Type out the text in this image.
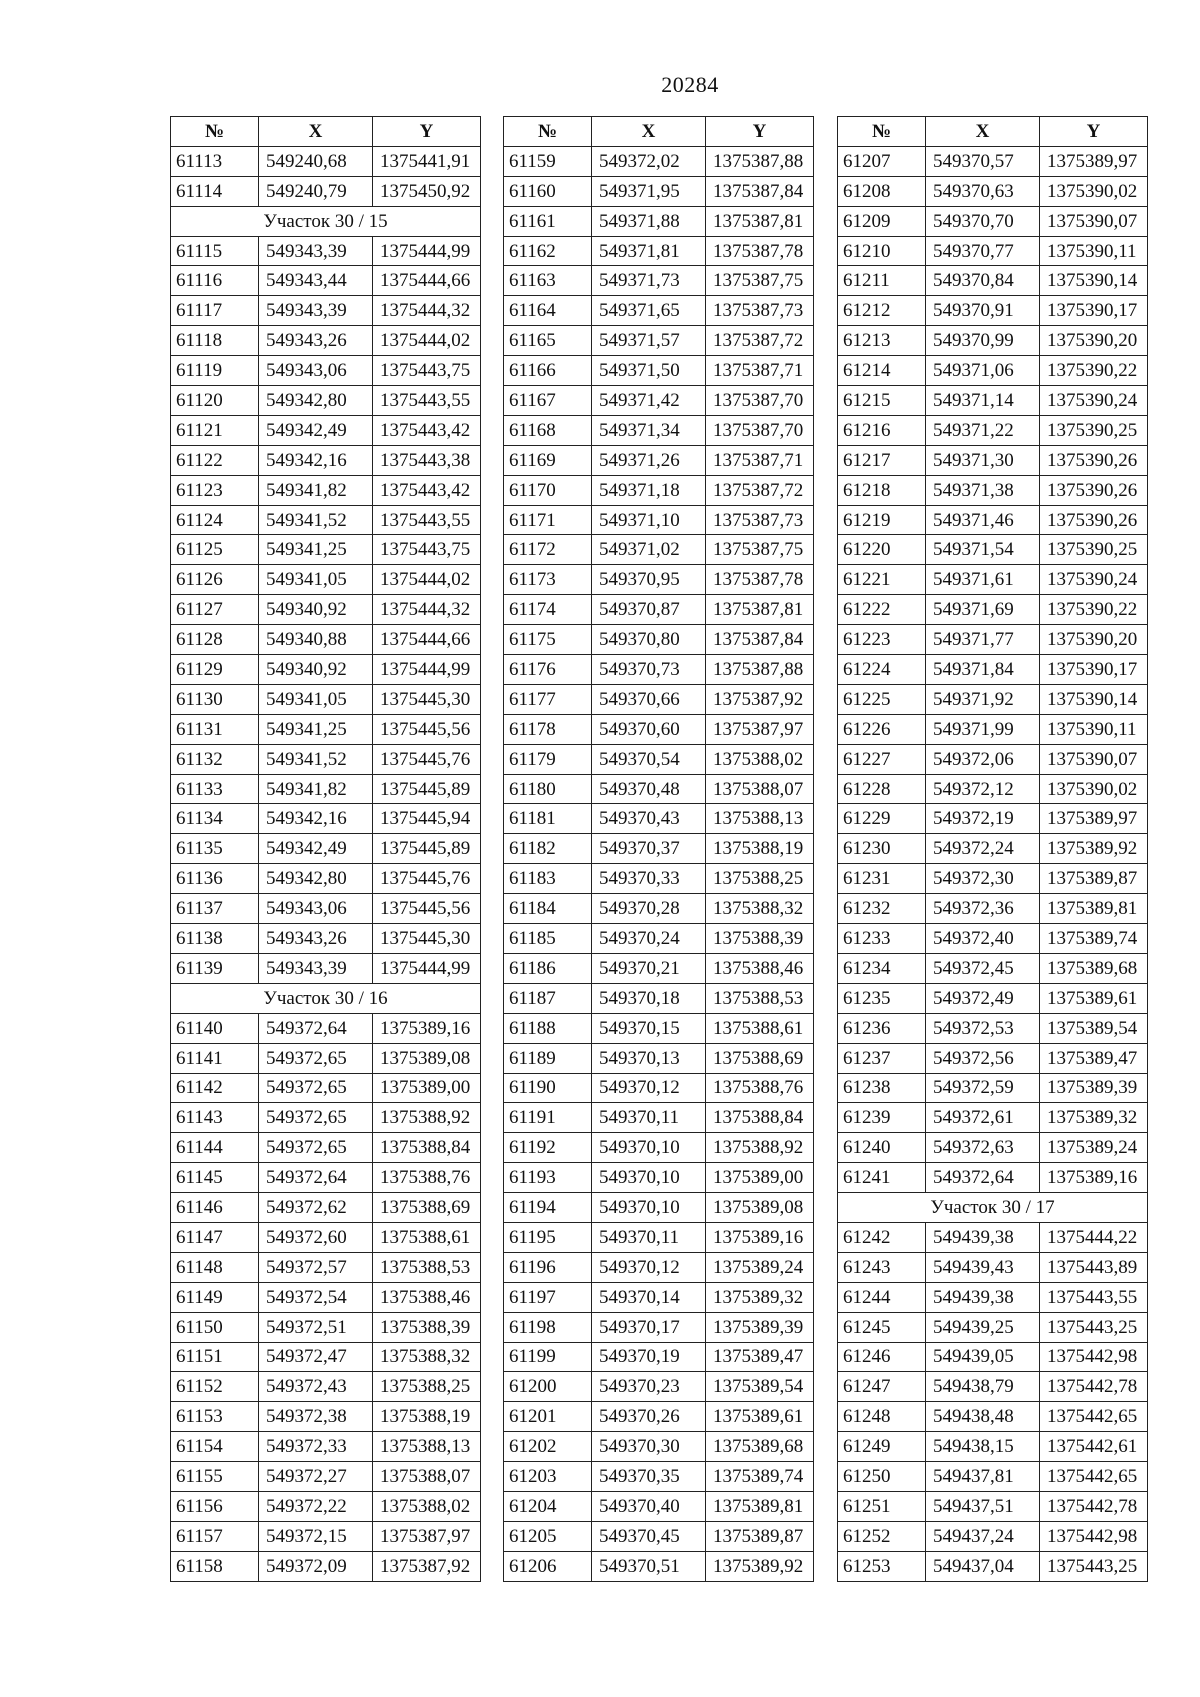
20284
№	X	Y
61113	549240,68	1375441,91
61114	549240,79	1375450,92
Участок 30 / 15		
61115	549343,39	1375444,99
61116	549343,44	1375444,66
61117	549343,39	1375444,32
61118	549343,26	1375444,02
61119	549343,06	1375443,75
61120	549342,80	1375443,55
61121	549342,49	1375443,42
61122	549342,16	1375443,38
61123	549341,82	1375443,42
61124	549341,52	1375443,55
61125	549341,25	1375443,75
61126	549341,05	1375444,02
61127	549340,92	1375444,32
61128	549340,88	1375444,66
61129	549340,92	1375444,99
61130	549341,05	1375445,30
61131	549341,25	1375445,56
61132	549341,52	1375445,76
61133	549341,82	1375445,89
61134	549342,16	1375445,94
61135	549342,49	1375445,89
61136	549342,80	1375445,76
61137	549343,06	1375445,56
61138	549343,26	1375445,30
61139	549343,39	1375444,99
Участок 30 / 16		
61140	549372,64	1375389,16
61141	549372,65	1375389,08
61142	549372,65	1375389,00
61143	549372,65	1375388,92
61144	549372,65	1375388,84
61145	549372,64	1375388,76
61146	549372,62	1375388,69
61147	549372,60	1375388,61
61148	549372,57	1375388,53
61149	549372,54	1375388,46
61150	549372,51	1375388,39
61151	549372,47	1375388,32
61152	549372,43	1375388,25
61153	549372,38	1375388,19
61154	549372,33	1375388,13
61155	549372,27	1375388,07
61156	549372,22	1375388,02
61157	549372,15	1375387,97
61158	549372,09	1375387,92
№	X	Y
61159	549372,02	1375387,88
61160	549371,95	1375387,84
61161	549371,88	1375387,81
61162	549371,81	1375387,78
61163	549371,73	1375387,75
61164	549371,65	1375387,73
61165	549371,57	1375387,72
61166	549371,50	1375387,71
61167	549371,42	1375387,70
61168	549371,34	1375387,70
61169	549371,26	1375387,71
61170	549371,18	1375387,72
61171	549371,10	1375387,73
61172	549371,02	1375387,75
61173	549370,95	1375387,78
61174	549370,87	1375387,81
61175	549370,80	1375387,84
61176	549370,73	1375387,88
61177	549370,66	1375387,92
61178	549370,60	1375387,97
61179	549370,54	1375388,02
61180	549370,48	1375388,07
61181	549370,43	1375388,13
61182	549370,37	1375388,19
61183	549370,33	1375388,25
61184	549370,28	1375388,32
61185	549370,24	1375388,39
61186	549370,21	1375388,46
61187	549370,18	1375388,53
61188	549370,15	1375388,61
61189	549370,13	1375388,69
61190	549370,12	1375388,76
61191	549370,11	1375388,84
61192	549370,10	1375388,92
61193	549370,10	1375389,00
61194	549370,10	1375389,08
61195	549370,11	1375389,16
61196	549370,12	1375389,24
61197	549370,14	1375389,32
61198	549370,17	1375389,39
61199	549370,19	1375389,47
61200	549370,23	1375389,54
61201	549370,26	1375389,61
61202	549370,30	1375389,68
61203	549370,35	1375389,74
61204	549370,40	1375389,81
61205	549370,45	1375389,87
61206	549370,51	1375389,92
№	X	Y
61207	549370,57	1375389,97
61208	549370,63	1375390,02
61209	549370,70	1375390,07
61210	549370,77	1375390,11
61211	549370,84	1375390,14
61212	549370,91	1375390,17
61213	549370,99	1375390,20
61214	549371,06	1375390,22
61215	549371,14	1375390,24
61216	549371,22	1375390,25
61217	549371,30	1375390,26
61218	549371,38	1375390,26
61219	549371,46	1375390,26
61220	549371,54	1375390,25
61221	549371,61	1375390,24
61222	549371,69	1375390,22
61223	549371,77	1375390,20
61224	549371,84	1375390,17
61225	549371,92	1375390,14
61226	549371,99	1375390,11
61227	549372,06	1375390,07
61228	549372,12	1375390,02
61229	549372,19	1375389,97
61230	549372,24	1375389,92
61231	549372,30	1375389,87
61232	549372,36	1375389,81
61233	549372,40	1375389,74
61234	549372,45	1375389,68
61235	549372,49	1375389,61
61236	549372,53	1375389,54
61237	549372,56	1375389,47
61238	549372,59	1375389,39
61239	549372,61	1375389,32
61240	549372,63	1375389,24
61241	549372,64	1375389,16
Участок 30 / 17		
61242	549439,38	1375444,22
61243	549439,43	1375443,89
61244	549439,38	1375443,55
61245	549439,25	1375443,25
61246	549439,05	1375442,98
61247	549438,79	1375442,78
61248	549438,48	1375442,65
61249	549438,15	1375442,61
61250	549437,81	1375442,65
61251	549437,51	1375442,78
61252	549437,24	1375442,98
61253	549437,04	1375443,25
